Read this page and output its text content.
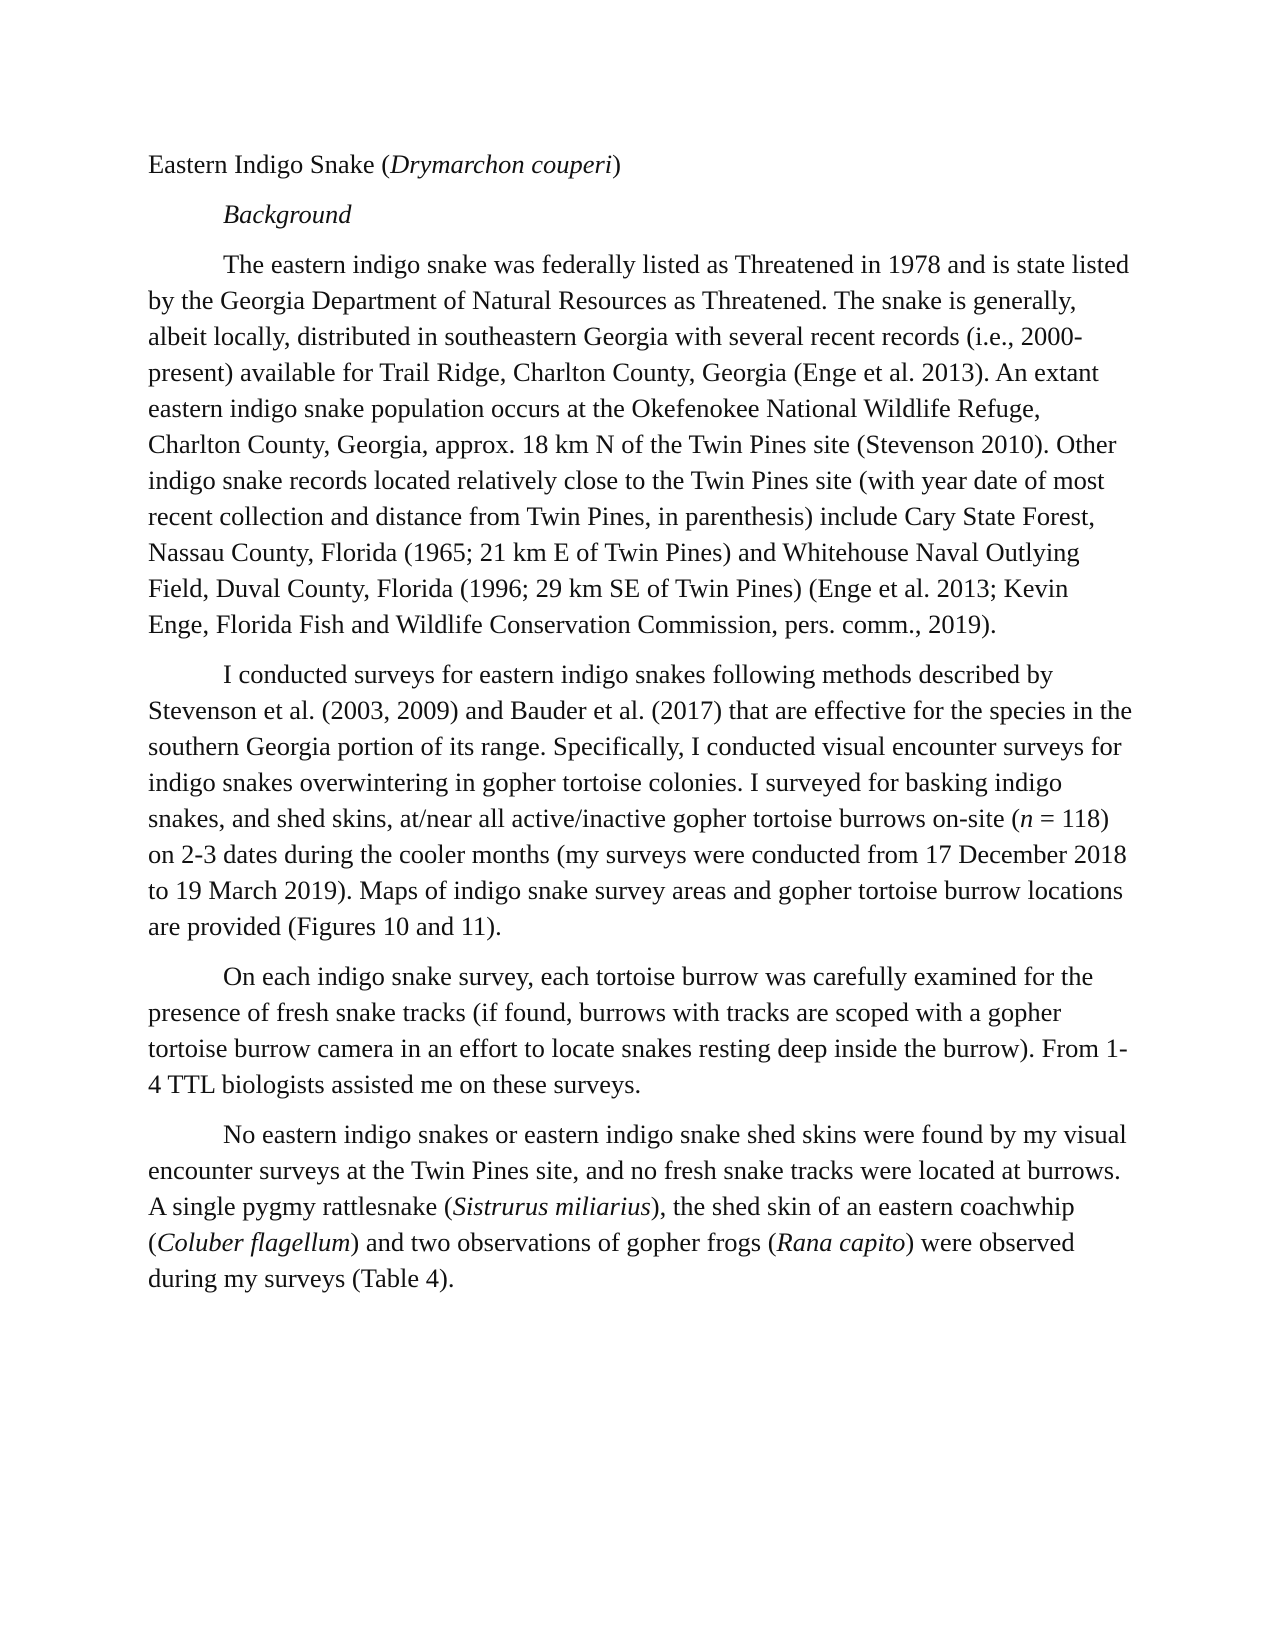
Eastern Indigo Snake (Drymarchon couperi)
Background

The eastern indigo snake was federally listed as Threatened in 1978 and is state listed by the Georgia Department of Natural Resources as Threatened. The snake is generally, albeit locally, distributed in southeastern Georgia with several recent records (i.e., 2000-present) available for Trail Ridge, Charlton County, Georgia (Enge et al. 2013). An extant eastern indigo snake population occurs at the Okefenokee National Wildlife Refuge, Charlton County, Georgia, approx. 18 km N of the Twin Pines site (Stevenson 2010). Other indigo snake records located relatively close to the Twin Pines site (with year date of most recent collection and distance from Twin Pines, in parenthesis) include Cary State Forest, Nassau County, Florida (1965; 21 km E of Twin Pines) and Whitehouse Naval Outlying Field, Duval County, Florida (1996; 29 km SE of Twin Pines) (Enge et al. 2013; Kevin Enge, Florida Fish and Wildlife Conservation Commission, pers. comm., 2019).

I conducted surveys for eastern indigo snakes following methods described by Stevenson et al. (2003, 2009) and Bauder et al. (2017) that are effective for the species in the southern Georgia portion of its range. Specifically, I conducted visual encounter surveys for indigo snakes overwintering in gopher tortoise colonies. I surveyed for basking indigo snakes, and shed skins, at/near all active/inactive gopher tortoise burrows on-site (n = 118) on 2-3 dates during the cooler months (my surveys were conducted from 17 December 2018 to 19 March 2019). Maps of indigo snake survey areas and gopher tortoise burrow locations are provided (Figures 10 and 11).

On each indigo snake survey, each tortoise burrow was carefully examined for the presence of fresh snake tracks (if found, burrows with tracks are scoped with a gopher tortoise burrow camera in an effort to locate snakes resting deep inside the burrow). From 1-4 TTL biologists assisted me on these surveys.

No eastern indigo snakes or eastern indigo snake shed skins were found by my visual encounter surveys at the Twin Pines site, and no fresh snake tracks were located at burrows. A single pygmy rattlesnake (Sistrurus miliarius), the shed skin of an eastern coachwhip (Coluber flagellum) and two observations of gopher frogs (Rana capito) were observed during my surveys (Table 4).
